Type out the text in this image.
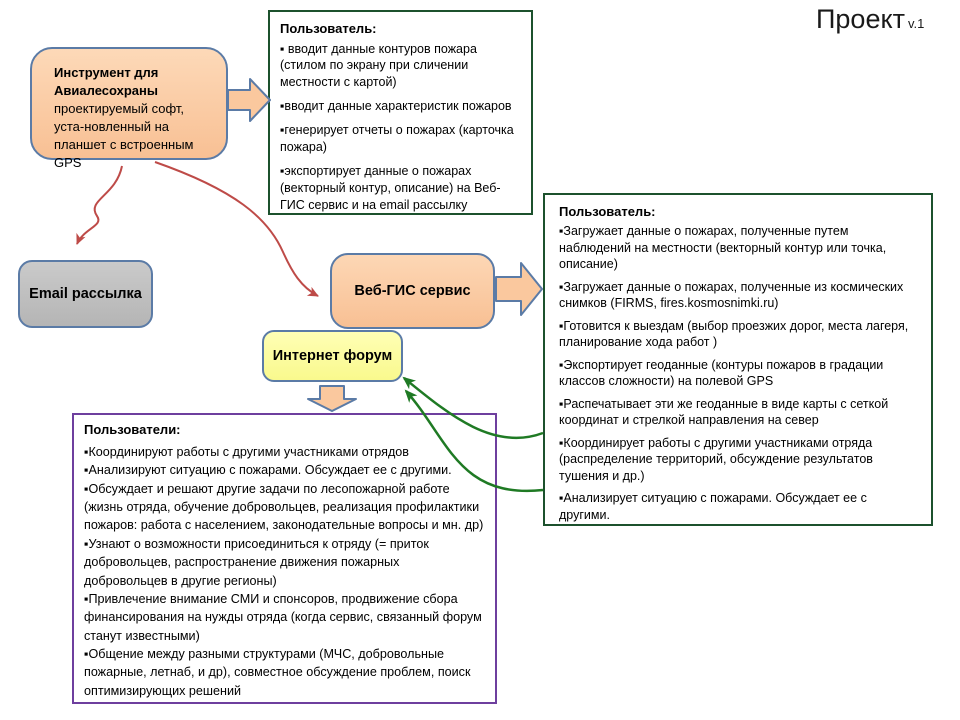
Проект v.1
Инструмент для Авиалесохраны
проектируемый софт, уста-новленный на планшет с встроенным GPS
Email рассылка	Веб-ГИС сервис
Интернет форум
Пользователь:
▪ вводит данные контуров пожара (стилом по экрану при сличении местности с картой)
▪вводит данные характеристик пожаров
▪генерирует отчеты о пожарах (карточка пожара)
▪экспортирует данные о пожарах (векторный контур, описание) на Веб-ГИС сервис и на email рассылку	Пользователь:
▪Загружает данные о пожарах, полученные путем наблюдений на местности (векторный контур или точка, описание)
▪Загружает данные о пожарах, полученные из космических снимков (FIRMS, fires.kosmosnimki.ru)
▪Готовится к выездам (выбор проезжих дорог, места лагеря, планирование хода работ )
▪Экспортирует геоданные (контуры пожаров в градации классов сложности) на полевой GPS
▪Распечатывает эти же геоданные в виде карты с сеткой координат и стрелкой направления на север
▪Координирует работы с другими участниками отряда (распределение территорий, обсуждение результатов тушения и др.)
▪Анализирует ситуацию с пожарами. Обсуждает ее с другими.
Пользователи:
▪Координируют работы с другими участниками отрядов
▪Анализируют ситуацию с пожарами. Обсуждает ее с другими.
▪Обсуждает и решают другие задачи по лесопожарной работе (жизнь отряда, обучение добровольцев, реализация профилактики пожаров: работа с населением, законодательные вопросы и мн. др)
▪Узнают о возможности присоединиться к отряду (= приток добровольцев, распространение движения пожарных добровольцев в другие регионы)
▪Привлечение внимание СМИ и спонсоров, продвижение сбора финансирования на нужды отряда (когда сервис, связанный форум станут известными)
▪Общение между разными структурами (МЧС, добровольные пожарные, летнаб, и др), совместное обсуждение проблем, поиск оптимизирующих решений
